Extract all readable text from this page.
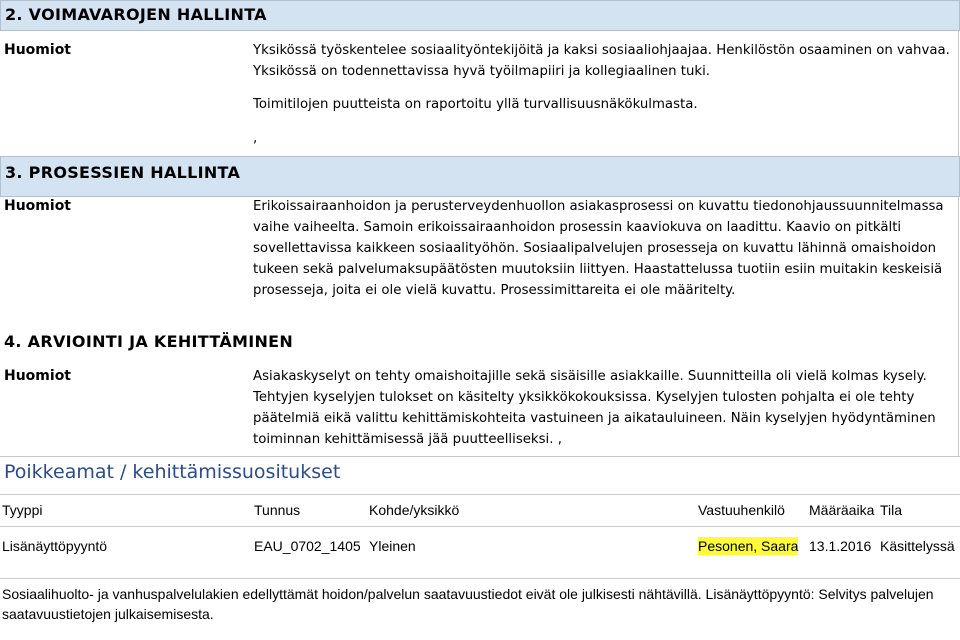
2. VOIMAVAROJEN HALLINTA
Huomiot	Yksikössä työskentelee sosiaalityöntekijöitä ja kaksi sosiaaliohjaajaa. Henkilöstön osaaminen on vahvaa. Yksikössä on todennettavissa hyvä työilmapiiri ja kollegiaalinen tuki.
Toimitilojen puutteista on raportoitu yllä turvallisuusnäkökulmasta.
,
3. PROSESSIEN HALLINTA
Huomiot	Erikoissairaanhoidon ja perusterveydenhuollon asiakasprosessi on kuvattu tiedonohjaussuunnitelmassa vaihe vaiheelta. Samoin erikoissairaanhoidon prosessin kaaviokuva on laadittu. Kaavio on pitkälti sovellettavissa kaikkeen sosiaalityöhön. Sosiaalipalvelujen prosesseja on kuvattu lähinnä omaishoidon tukeen sekä palvelumaksupäätösten muutoksiin liittyen. Haastattelussa tuotiin esiin muitakin keskeisiä prosesseja, joita ei ole vielä kuvattu. Prosessimittareita ei ole määritelty.
4. ARVIOINTI JA KEHITTÄMINEN
Huomiot	Asiakaskyselyt on tehty omaishoitajille sekä sisäisille asiakkaille. Suunnitteilla oli vielä kolmas kysely. Tehtyjen kyselyjen tulokset on käsitelty yksikkökokouksissa. Kyselyjen tulosten pohjalta ei ole tehty päätelmiä eikä valittu kehittämiskohteita vastuineen ja aikatauluineen. Näin kyselyjen hyödyntäminen toiminnan kehittämisessä jää puutteelliseksi. ,
Poikkeamat / kehittämissuositukset
Tyyppi	Tunnus	Kohde/yksikkö	Vastuuhenkilö Määräaika Tila
Lisänäyttöpyyntö	EAU_0702_1405 Yleinen	Pesonen, Saara 13.1.2016 Käsittelyssä
Sosiaalihuolto- ja vanhuspalvelulakien edellyttämät hoidon/palvelun saatavuustiedot eivät ole julkisesti nähtävillä. Lisänäyttöpyyntö: Selvitys palvelujen saatavuustietojen julkaisemisesta.
